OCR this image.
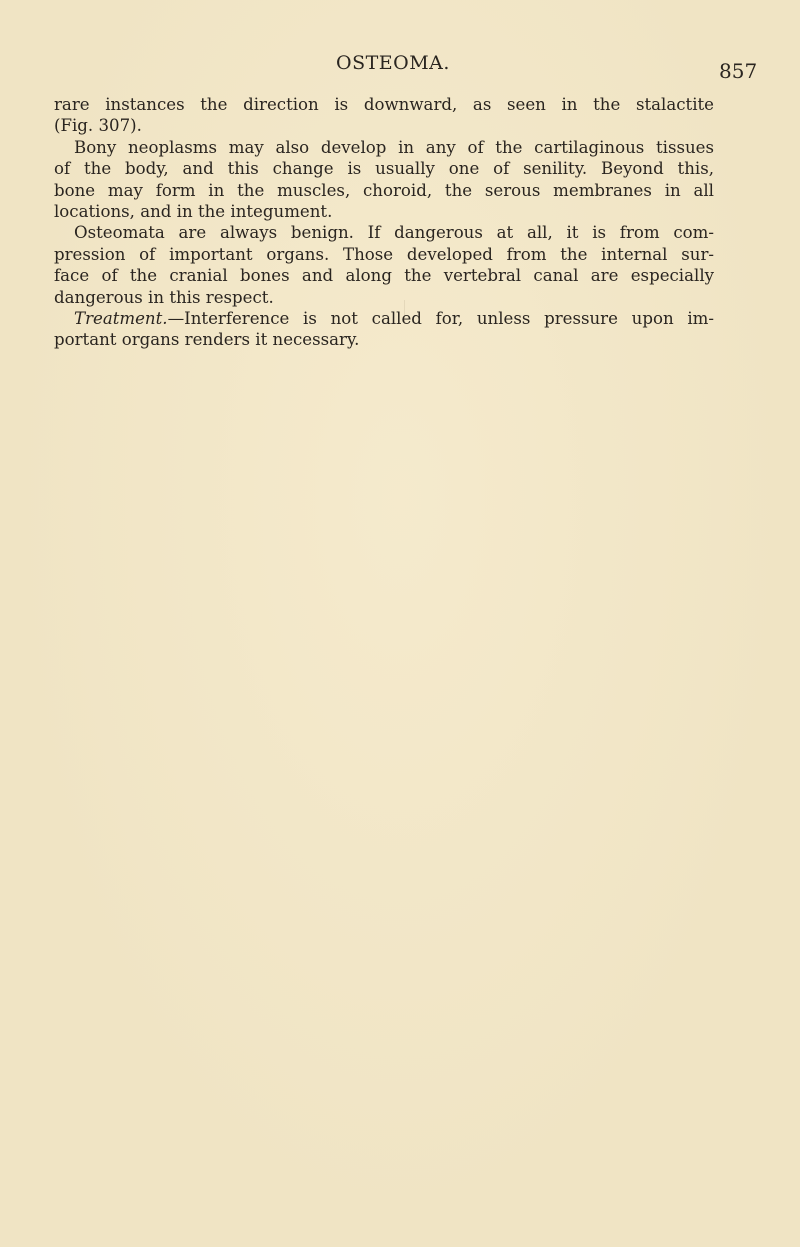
OSTEOMA.	857
rare instances the direction is downward, as seen in the stalactite
(Fig. 307).
Bony neoplasms may also develop in any of the cartilaginous tissues
of the body, and this change is usually one of senility. Beyond this,
bone may form in the muscles, choroid, the serous membranes in all
locations, and in the integument.
Osteomata are always benign. If dangerous at all, it is from com-
pression of important organs. Those developed from the internal sur-
face of the cranial bones and along the vertebral canal are especially
dangerous in this respect.
Treatment.—Interference is not called for, unless pressure upon im-
portant organs renders it necessary.
